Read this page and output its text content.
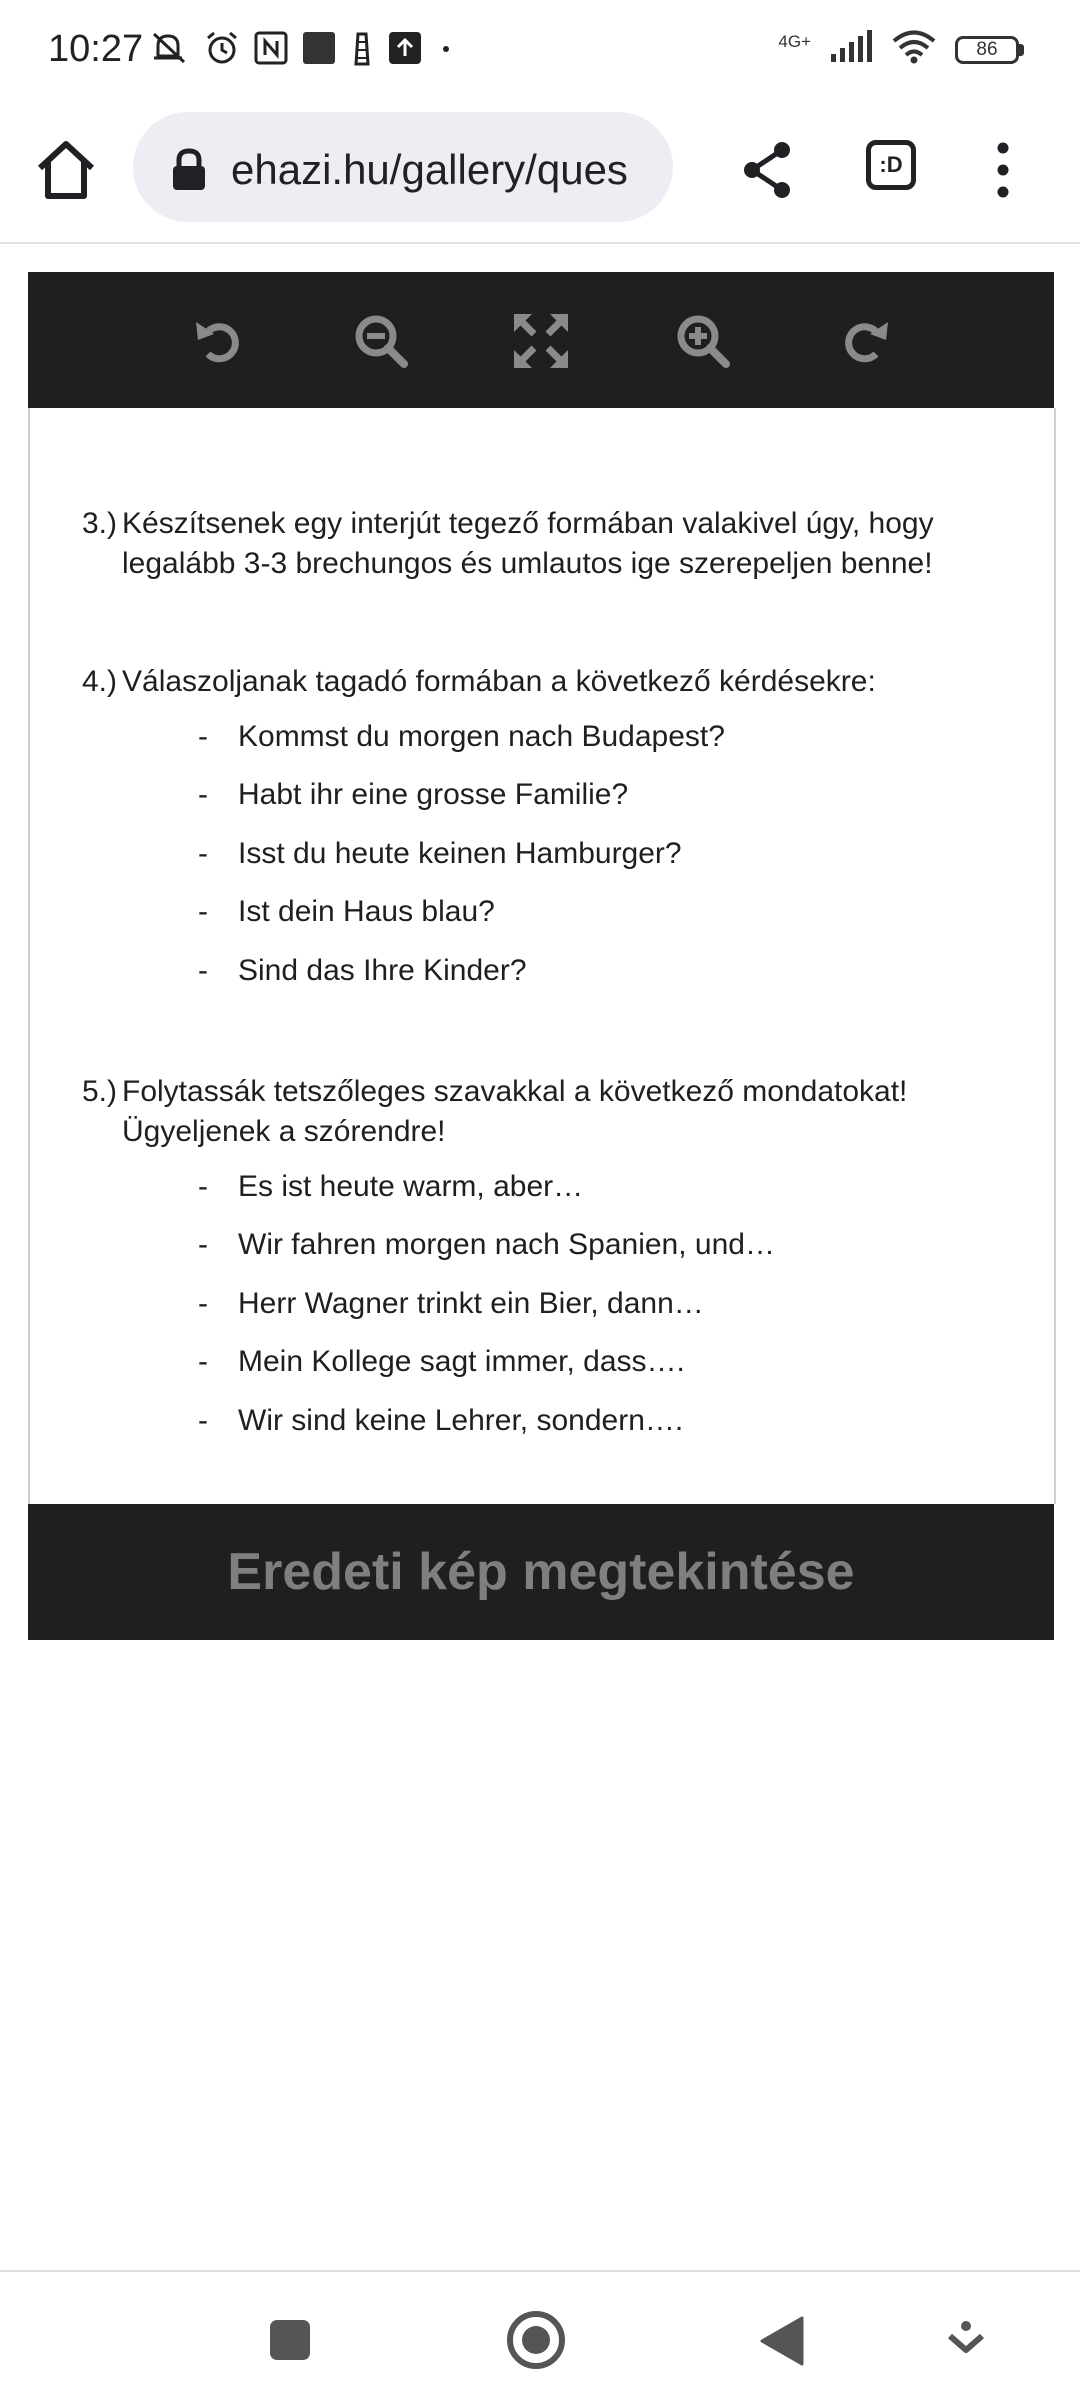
10:27	4G+	86
ehazi.hu/gallery/ques	:D
3.) Készítsenek egy interjút tegező formában valakivel úgy, hogy
legalább 3-3 brechungos és umlautos ige szerepeljen benne!
4.) Válaszoljanak tagadó formában a következő kérdésekre:
- Kommst du morgen nach Budapest?
- Habt ihr eine grosse Familie?
- Isst du heute keinen Hamburger?
- Ist dein Haus blau?
- Sind das Ihre Kinder?
5.) Folytassák tetszőleges szavakkal a következő mondatokat!
Ügyeljenek a szórendre!
- Es ist heute warm, aber…
- Wir fahren morgen nach Spanien, und…
- Herr Wagner trinkt ein Bier, dann…
- Mein Kollege sagt immer, dass….
- Wir sind keine Lehrer, sondern….
Eredeti kép megtekintése
